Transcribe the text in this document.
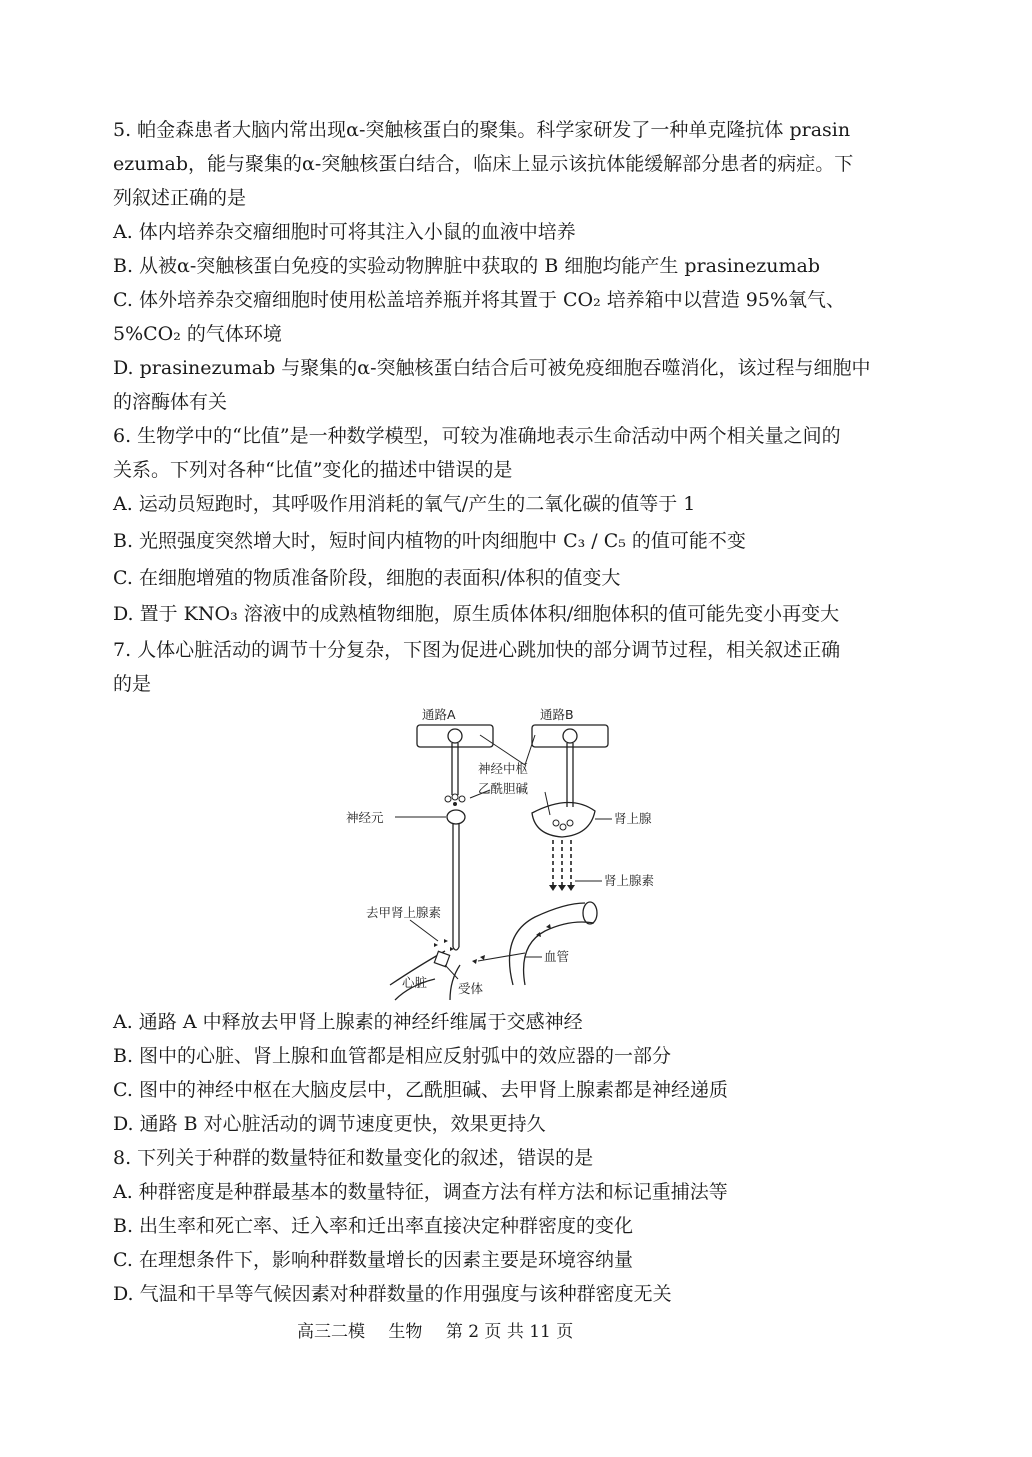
5. 帕金森患者大脑内常出现α-突触核蛋白的聚集。科学家研发了一种单克隆抗体 prasin
ezumab，能与聚集的α-突触核蛋白结合，临床上显示该抗体能缓解部分患者的病症。下
列叙述正确的是
A. 体内培养杂交瘤细胞时可将其注入小鼠的血液中培养
B. 从被α-突触核蛋白免疫的实验动物脾脏中获取的 B 细胞均能产生 prasinezumab
C. 体外培养杂交瘤细胞时使用松盖培养瓶并将其置于 CO₂ 培养箱中以营造 95%氧气、
5%CO₂ 的气体环境
D. prasinezumab 与聚集的α-突触核蛋白结合后可被免疫细胞吞噬消化，该过程与细胞中
的溶酶体有关
6. 生物学中的“比值”是一种数学模型，可较为准确地表示生命活动中两个相关量之间的
关系。下列对各种“比值”变化的描述中错误的是
A. 运动员短跑时，其呼吸作用消耗的氧气/产生的二氧化碳的值等于 1
B. 光照强度突然增大时，短时间内植物的叶肉细胞中 C₃ / C₅ 的值可能不变
C. 在细胞增殖的物质准备阶段，细胞的表面积/体积的值变大
D. 置于 KNO₃ 溶液中的成熟植物细胞，原生质体体积/细胞体积的值可能先变小再变大
7. 人体心脏活动的调节十分复杂，下图为促进心跳加快的部分调节过程，相关叙述正确
的是
通路A	通路B
神经中枢
乙酰胆碱
神经元	肾上腺
肾上腺素
去甲肾上腺素
血管
心脏 受体
A. 通路 A 中释放去甲肾上腺素的神经纤维属于交感神经
B. 图中的心脏、肾上腺和血管都是相应反射弧中的效应器的一部分
C. 图中的神经中枢在大脑皮层中，乙酰胆碱、去甲肾上腺素都是神经递质
D. 通路 B 对心脏活动的调节速度更快，效果更持久
8. 下列关于种群的数量特征和数量变化的叙述，错误的是
A. 种群密度是种群最基本的数量特征，调查方法有样方法和标记重捕法等
B. 出生率和死亡率、迁入率和迁出率直接决定种群密度的变化
C. 在理想条件下，影响种群数量增长的因素主要是环境容纳量
D. 气温和干旱等气候因素对种群数量的作用强度与该种群密度无关
高三二模 生物 第 2 页 共 11 页
